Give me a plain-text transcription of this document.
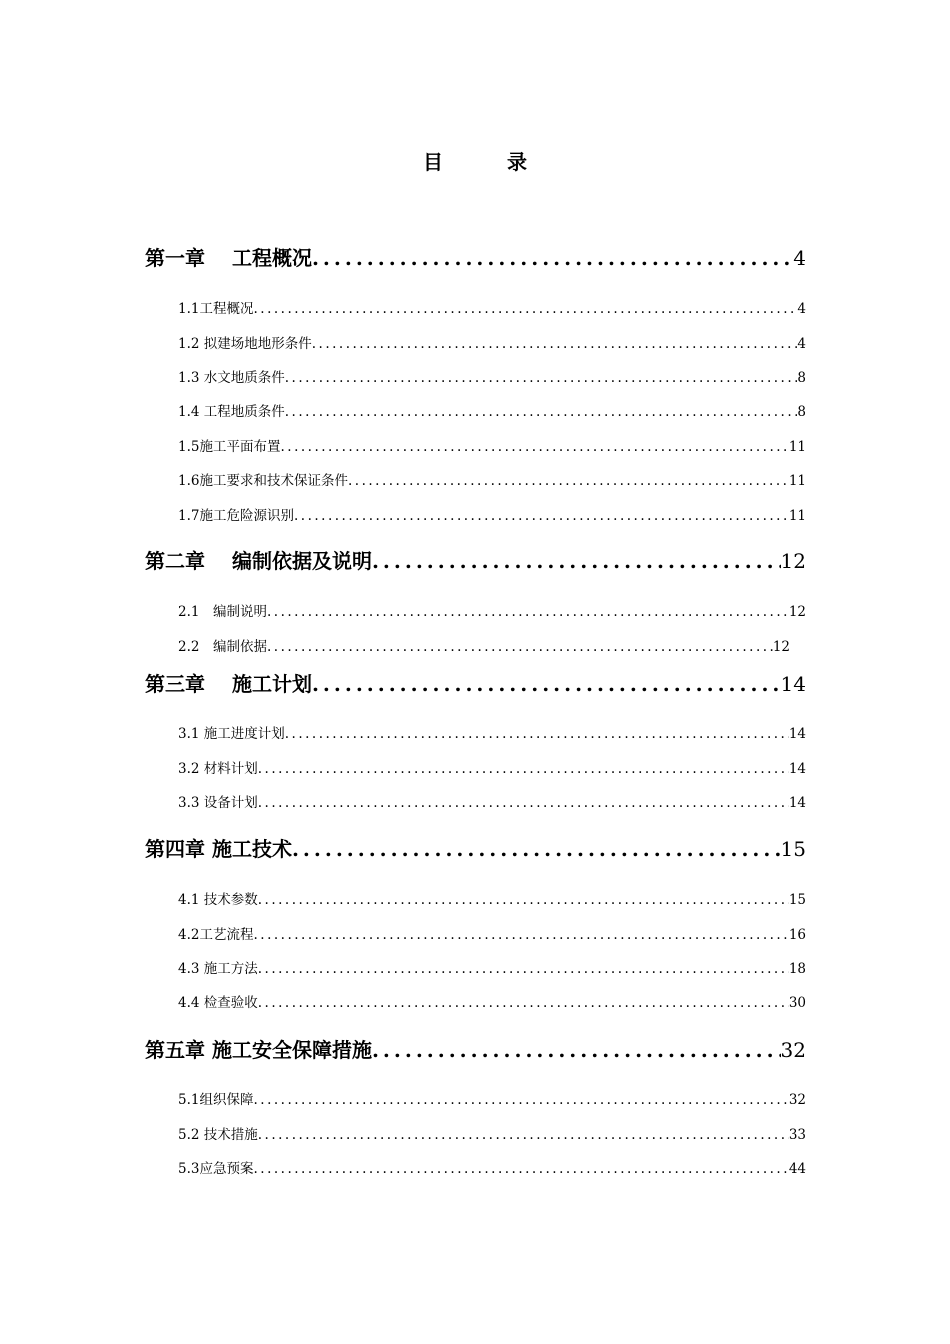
目　录
第一章　 工程概况 .....	4
1.1工程概况 .....	4
1.2 拟建场地地形条件 .....	4
1.3 水文地质条件 .....	8
1.4 工程地质条件 .....	8
1.5施工平面布置 .....	11
1.6施工要求和技术保证条件 .....	11
1.7施工危险源识别 .....	11
第二章　 编制依据及说明 .....	12
2.1　编制说明 .....	12
2.2　编制依据 .....	12
第三章　 施工计划 .....	14
3.1 施工进度计划 .....	14
3.2 材料计划 .....	14
3.3 设备计划 .....	14
第四章 施工技术 .....	15
4.1 技术参数 .....	15
4.2工艺流程 .....	16
4.3 施工方法 .....	18
4.4 检查验收 .....	30
第五章 施工安全保障措施 .....	32
5.1组织保障 .....	32
5.2 技术措施 .....	33
5.3应急预案 .....	44
